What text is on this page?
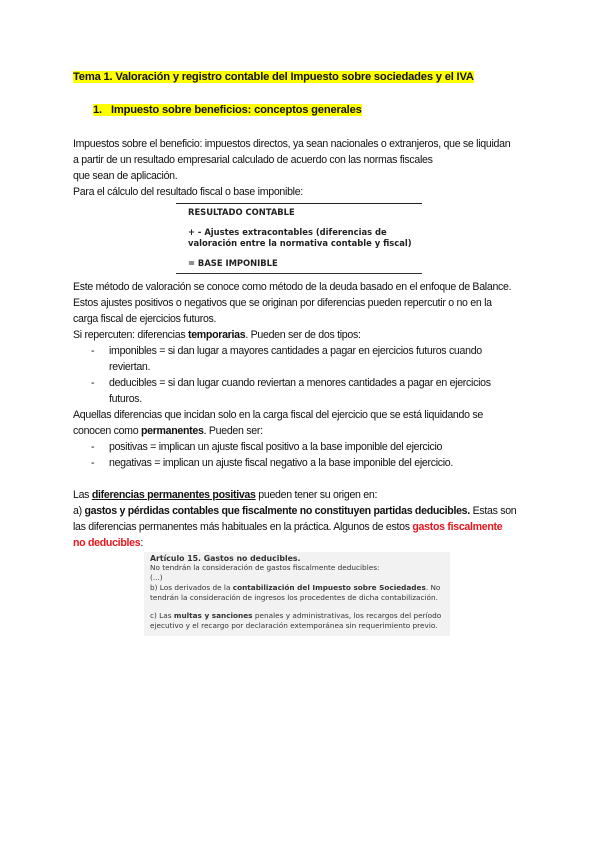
Tema 1. Valoración y registro contable del Impuesto sobre sociedades y el IVA
1. Impuesto sobre beneficios: conceptos generales
Impuestos sobre el beneficio: impuestos directos, ya sean nacionales o extranjeros, que se liquidan
a partir de un resultado empresarial calculado de acuerdo con las normas fiscales
que sean de aplicación.
Para el cálculo del resultado fiscal o base imponible:
RESULTADO CONTABLE
+ - Ajustes extracontables (diferencias de
valoración entre la normativa contable y fiscal)
= BASE IMPONIBLE
Este método de valoración se conoce como método de la deuda basado en el enfoque de Balance.
Estos ajustes positivos o negativos que se originan por diferencias pueden repercutir o no en la
carga fiscal de ejercicios futuros.
Si repercuten: diferencias temporarias. Pueden ser de dos tipos:
- imponibles = si dan lugar a mayores cantidades a pagar en ejercicios futuros cuando
reviertan.
- deducibles = si dan lugar cuando reviertan a menores cantidades a pagar en ejercicios
futuros.
Aquellas diferencias que incidan solo en la carga fiscal del ejercicio que se está liquidando se
conocen como permanentes. Pueden ser:
- positivas = implican un ajuste fiscal positivo a la base imponible del ejercicio
- negativas = implican un ajuste fiscal negativo a la base imponible del ejercicio.
Las diferencias permanentes positivas pueden tener su origen en:
a) gastos y pérdidas contables que fiscalmente no constituyen partidas deducibles. Estas son
las diferencias permanentes más habituales en la práctica. Algunos de estos gastos fiscalmente
no deducibles:
Artículo 15. Gastos no deducibles.
No tendrán la consideración de gastos fiscalmente deducibles:
(...)
b) Los derivados de la contabilización del Impuesto sobre Sociedades. No
tendrán la consideración de ingresos los procedentes de dicha contabilización.
c) Las multas y sanciones penales y administrativas, los recargos del período
ejecutivo y el recargo por declaración extemporánea sin requerimiento previo.
